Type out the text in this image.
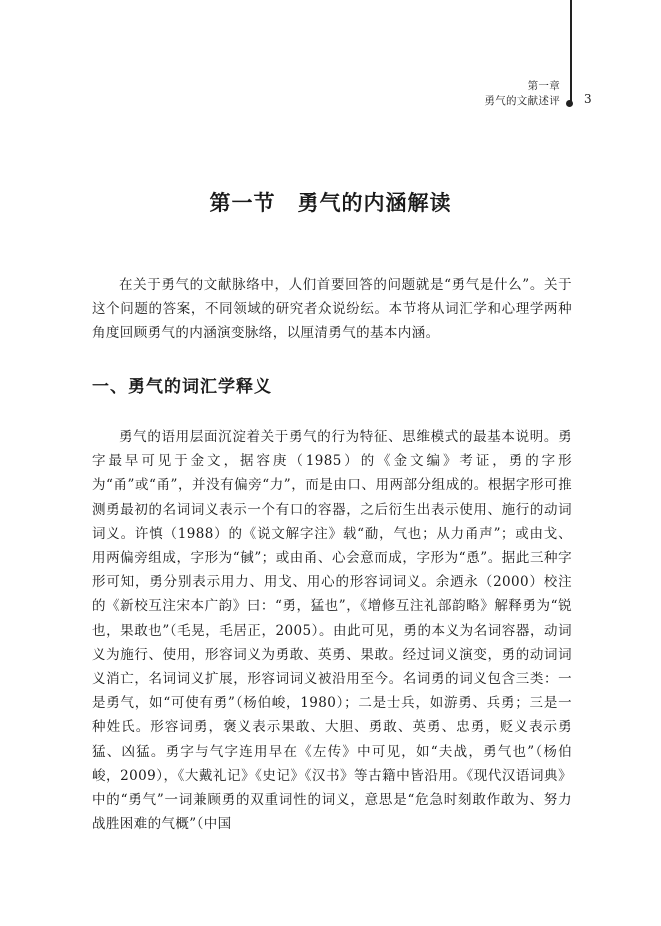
第一章
勇气的文献述评 3
第一节　勇气的内涵解读

在关于勇气的文献脉络中，人们首要回答的问题就是“勇气是什么”。关于这个问题的答案，不同领域的研究者众说纷纭。本节将从词汇学和心理学两种角度回顾勇气的内涵演变脉络，以厘清勇气的基本内涵。

一、勇气的词汇学释义

勇气的语用层面沉淀着关于勇气的行为特征、思维模式的最基本说明。勇字最早可见于金文，据容庚（1985）的《金文编》考证，勇的字形为“甬”或“甬”，并没有偏旁“力”，而是由口、用两部分组成的。根据字形可推测勇最初的名词词义表示一个有口的容器，之后衍生出表示使用、施行的动词词义。许慎（1988）的《说文解字注》载“勈，气也；从力甬声”；或由戈、用两偏旁组成，字形为“戫”；或由甬、心会意而成，字形为“恿”。据此三种字形可知，勇分别表示用力、用戈、用心的形容词词义。余迺永（2000）校注的《新校互注宋本广韵》曰：“勇，猛也”，《增修互注礼部韵略》解释勇为“锐也，果敢也”（毛晃，毛居正，2005）。由此可见，勇的本义为名词容器，动词义为施行、使用，形容词义为勇敢、英勇、果敢。经过词义演变，勇的动词词义消亡，名词词义扩展，形容词词义被沿用至今。名词勇的词义包含三类：一是勇气，如“可使有勇”（杨伯峻，1980）；二是士兵，如游勇、兵勇；三是一种姓氏。形容词勇，褒义表示果敢、大胆、勇敢、英勇、忠勇，贬义表示勇猛、凶猛。勇字与气字连用早在《左传》中可见，如“夫战，勇气也”（杨伯峻，2009），《大戴礼记》《史记》《汉书》等古籍中皆沿用。《现代汉语词典》中的“勇气”一词兼顾勇的双重词性的词义，意思是“危急时刻敢作敢为、努力战胜困难的气概”（中国
